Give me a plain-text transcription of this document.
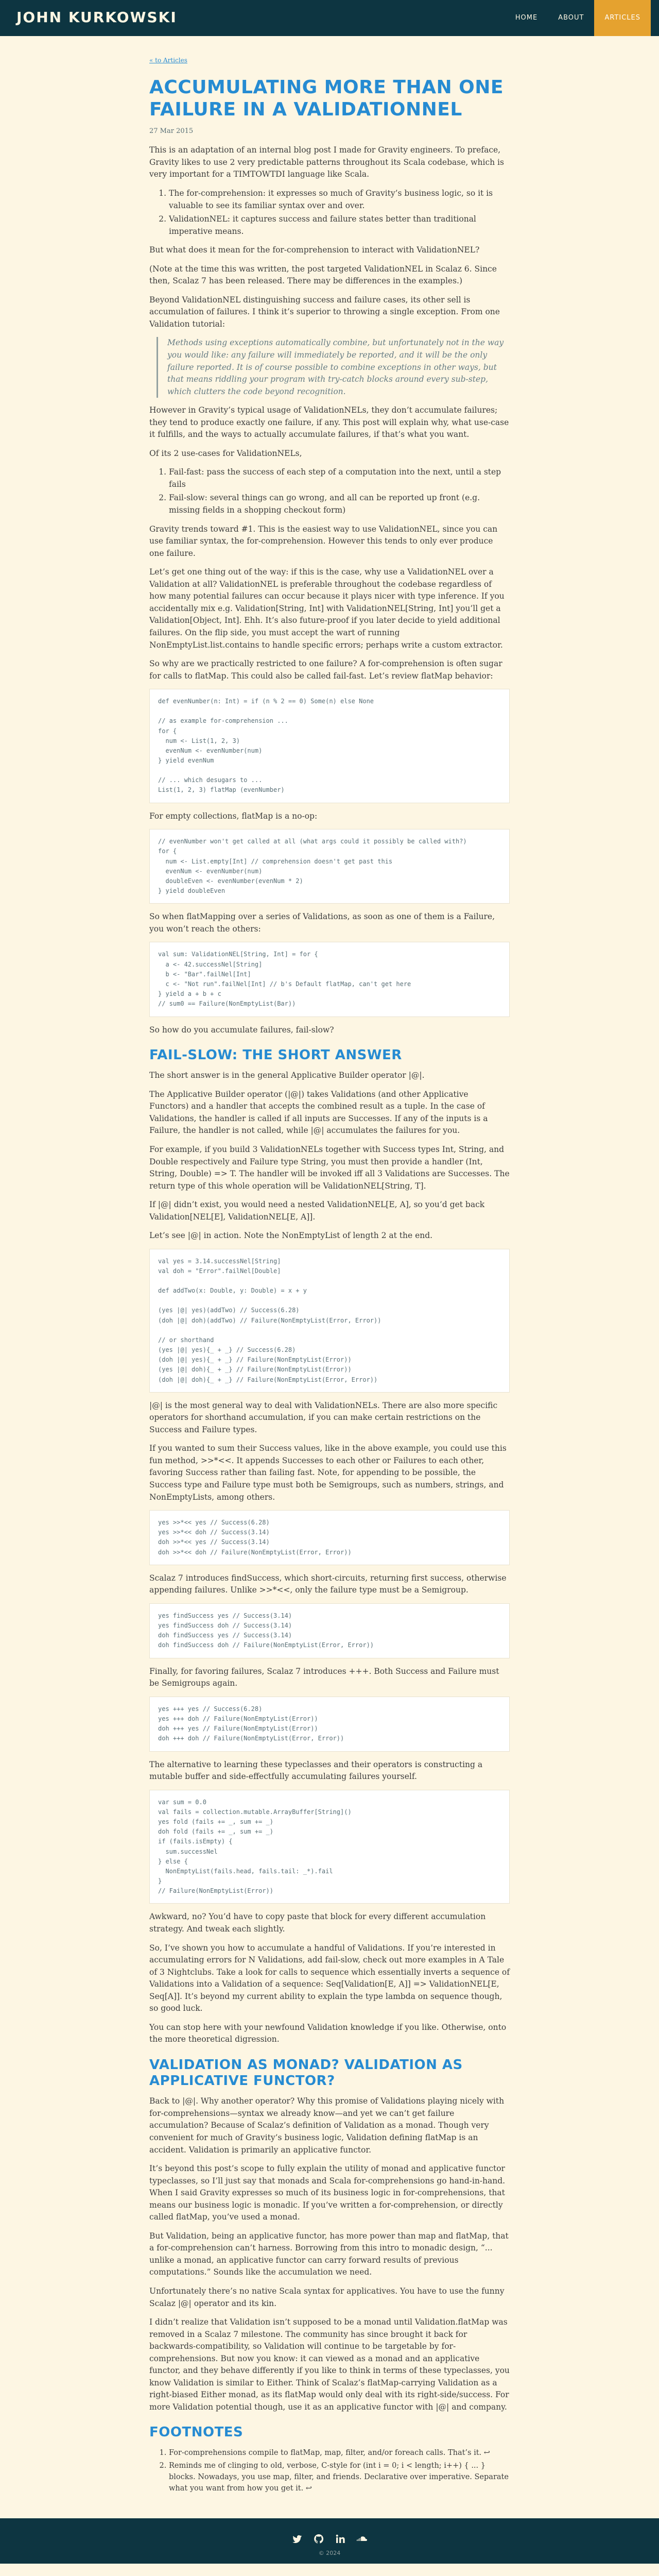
JOHN KURKOWSKI	HOME	ABOUT	ARTICLES
« to Articles
ACCUMULATING MORE THAN ONE FAILURE IN A VALIDATIONNEL
27 Mar 2015

This is an adaptation of an internal blog post I made for Gravity engineers. To preface, Gravity likes to use 2 very predictable patterns throughout its Scala codebase, which is very important for a TIMTOWTDI language like Scala.

1. The for-comprehension: it expresses so much of Gravity’s business logic, so it is valuable to see its familiar syntax over and over.
2. ValidationNEL: it captures success and failure states better than traditional imperative means.

But what does it mean for the for-comprehension to interact with ValidationNEL?

(Note at the time this was written, the post targeted ValidationNEL in Scalaz 6. Since then, Scalaz 7 has been released. There may be differences in the examples.)

Beyond ValidationNEL distinguishing success and failure cases, its other sell is accumulation of failures. I think it’s superior to throwing a single exception. From one Validation tutorial:

Methods using exceptions automatically combine, but unfortunately not in the way you would like: any failure will immediately be reported, and it will be the only failure reported. It is of course possible to combine exceptions in other ways, but that means riddling your program with try-catch blocks around every sub-step, which clutters the code beyond recognition.

However in Gravity’s typical usage of ValidationNELs, they don’t accumulate failures; they tend to produce exactly one failure, if any. This post will explain why, what use-case it fulfills, and the ways to actually accumulate failures, if that’s what you want.

Of its 2 use-cases for ValidationNELs,

1. Fail-fast: pass the success of each step of a computation into the next, until a step fails
2. Fail-slow: several things can go wrong, and all can be reported up front (e.g. missing fields in a shopping checkout form)

Gravity trends toward #1. This is the easiest way to use ValidationNEL, since you can use familiar syntax, the for-comprehension. However this tends to only ever produce one failure.

Let’s get one thing out of the way: if this is the case, why use a ValidationNEL over a Validation at all? ValidationNEL is preferable throughout the codebase regardless of how many potential failures can occur because it plays nicer with type inference. If you accidentally mix e.g. Validation[String, Int] with ValidationNEL[String, Int] you’ll get a Validation[Object, Int]. Ehh. It’s also future-proof if you later decide to yield additional failures. On the flip side, you must accept the wart of running NonEmptyList.list.contains to handle specific errors; perhaps write a custom extractor.

So why are we practically restricted to one failure? A for-comprehension is often sugar for calls to flatMap. This could also be called fail-fast. Let’s review flatMap behavior:

def evenNumber(n: Int) = if (n % 2 == 0) Some(n) else None
// as example for-comprehension ...
for {
num <- List(1, 2, 3)
evenNum <- evenNumber(num)
} yield evenNum
// ... which desugars to ...
List(1, 2, 3) flatMap (evenNumber)

For empty collections, flatMap is a no-op:

// evenNumber won't get called at all (what args could it possibly be called with?)
for {
num <- List.empty[Int] // comprehension doesn't get past this
evenNum <- evenNumber(num)
doubleEven <- evenNumber(evenNum * 2)
} yield doubleEven

So when flatMapping over a series of Validations, as soon as one of them is a Failure, you won’t reach the others:

val sum: ValidationNEL[String, Int] = for {
a <- 42.successNel[String]
b <- "Bar".failNel[Int]
c <- "Not run".failNel[Int] // b's Default flatMap, can't get here
} yield a + b + c
// sum0 == Failure(NonEmptyList(Bar))

So how do you accumulate failures, fail-slow?

FAIL-SLOW: THE SHORT ANSWER

The short answer is in the general Applicative Builder operator |@|.

The Applicative Builder operator (|@|) takes Validations (and other Applicative Functors) and a handler that accepts the combined result as a tuple. In the case of Validations, the handler is called if all inputs are Successes. If any of the inputs is a Failure, the handler is not called, while |@| accumulates the failures for you.

For example, if you build 3 ValidationNELs together with Success types Int, String, and Double respectively and Failure type String, you must then provide a handler (Int, String, Double) => T. The handler will be invoked iff all 3 Validations are Successes. The return type of this whole operation will be ValidationNEL[String, T].

If |@| didn’t exist, you would need a nested ValidationNEL[E, A], so you’d get back Validation[NEL[E], ValidationNEL[E, A]].

Let’s see |@| in action. Note the NonEmptyList of length 2 at the end.

val yes = 3.14.successNel[String]
val doh = "Error".failNel[Double]
def addTwo(x: Double, y: Double) = x + y
(yes |@| yes)(addTwo) // Success(6.28)
(doh |@| doh)(addTwo) // Failure(NonEmptyList(Error, Error))
// or shorthand
(yes |@| yes){_ + _} // Success(6.28)
(doh |@| yes){_ + _} // Failure(NonEmptyList(Error))
(yes |@| doh){_ + _} // Failure(NonEmptyList(Error))
(doh |@| doh){_ + _} // Failure(NonEmptyList(Error, Error))

|@| is the most general way to deal with ValidationNELs. There are also more specific operators for shorthand accumulation, if you can make certain restrictions on the Success and Failure types.

If you wanted to sum their Success values, like in the above example, you could use this fun method, >>*<<. It appends Successes to each other or Failures to each other, favoring Success rather than failing fast. Note, for appending to be possible, the Success type and Failure type must both be Semigroups, such as numbers, strings, and NonEmptyLists, among others.

yes >>*<< yes // Success(6.28)
yes >>*<< doh // Success(3.14)
doh >>*<< yes // Success(3.14)
doh >>*<< doh // Failure(NonEmptyList(Error, Error))

Scalaz 7 introduces findSuccess, which short-circuits, returning first success, otherwise appending failures. Unlike >>*<<, only the failure type must be a Semigroup.

yes findSuccess yes // Success(3.14)
yes findSuccess doh // Success(3.14)
doh findSuccess yes // Success(3.14)
doh findSuccess doh // Failure(NonEmptyList(Error, Error))

Finally, for favoring failures, Scalaz 7 introduces +++. Both Success and Failure must be Semigroups again.

yes +++ yes // Success(6.28)
yes +++ doh // Failure(NonEmptyList(Error))
doh +++ yes // Failure(NonEmptyList(Error))
doh +++ doh // Failure(NonEmptyList(Error, Error))

The alternative to learning these typeclasses and their operators is constructing a mutable buffer and side-effectfully accumulating failures yourself.

var sum = 0.0
val fails = collection.mutable.ArrayBuffer[String]()
yes fold (fails += _, sum += _)
doh fold (fails += _, sum += _)
if (fails.isEmpty) {
sum.successNel
} else {
NonEmptyList(fails.head, fails.tail: _*).fail
}
// Failure(NonEmptyList(Error))

Awkward, no? You’d have to copy paste that block for every different accumulation strategy. And tweak each slightly.

So, I’ve shown you how to accumulate a handful of Validations. If you’re interested in accumulating errors for N Validations, add fail-slow, check out more examples in A Tale of 3 Nightclubs. Take a look for calls to sequence which essentially inverts a sequence of Validations into a Validation of a sequence: Seq[Validation[E, A]] => ValidationNEL[E, Seq[A]]. It’s beyond my current ability to explain the type lambda on sequence though, so good luck.

You can stop here with your newfound Validation knowledge if you like. Otherwise, onto the more theoretical digression.

VALIDATION AS MONAD? VALIDATION AS APPLICATIVE FUNCTOR?

Back to |@|. Why another operator? Why this promise of Validations playing nicely with for-comprehensions—syntax we already know—and yet we can’t get failure accumulation? Because of Scalaz’s definition of Validation as a monad. Though very convenient for much of Gravity’s business logic, Validation defining flatMap is an accident. Validation is primarily an applicative functor.

It’s beyond this post’s scope to fully explain the utility of monad and applicative functor typeclasses, so I’ll just say that monads and Scala for-comprehensions go hand-in-hand. When I said Gravity expresses so much of its business logic in for-comprehensions, that means our business logic is monadic. If you’ve written a for-comprehension, or directly called flatMap, you’ve used a monad.

But Validation, being an applicative functor, has more power than map and flatMap, that a for-comprehension can’t harness. Borrowing from this intro to monadic design, “... unlike a monad, an applicative functor can carry forward results of previous computations.” Sounds like the accumulation we need.

Unfortunately there’s no native Scala syntax for applicatives. You have to use the funny Scalaz |@| operator and its kin.

I didn’t realize that Validation isn’t supposed to be a monad until Validation.flatMap was removed in a Scalaz 7 milestone. The community has since brought it back for backwards-compatibility, so Validation will continue to be targetable by for-comprehensions. But now you know: it can viewed as a monad and an applicative functor, and they behave differently if you like to think in terms of these typeclasses, you know Validation is similar to Either. Think of Scalaz’s flatMap-carrying Validation as a right-biased Either monad, as its flatMap would only deal with its right-side/success. For more Validation potential though, use it as an applicative functor with |@| and company.

FOOTNOTES
1. For-comprehensions compile to flatMap, map, filter, and/or foreach calls. That’s it. ↩
2. Reminds me of clinging to old, verbose, C-style for (int i = 0; i < length; i++) { ... } blocks. Nowadays, you use map, filter, and friends. Declarative over imperative. Separate what you want from how you get it. ↩
© 2024
